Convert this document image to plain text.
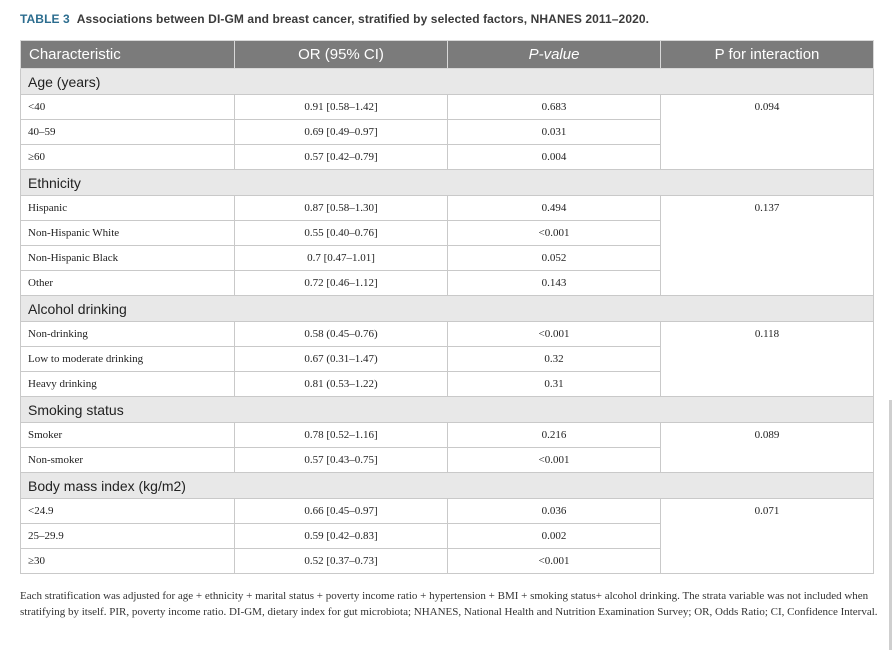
TABLE 3 Associations between DI-GM and breast cancer, stratified by selected factors, NHANES 2011–2020.
Characteristic	OR (95% CI)	P-value	P for interaction
Age (years)			
<40	0.91 [0.58–1.42]	0.683	0.094
40–59	0.69 [0.49–0.97]	0.031	
≥60	0.57 [0.42–0.79]	0.004	
Ethnicity			
Hispanic	0.87 [0.58–1.30]	0.494	0.137
Non-Hispanic White	0.55 [0.40–0.76]	<0.001	
Non-Hispanic Black	0.7 [0.47–1.01]	0.052	
Other	0.72 [0.46–1.12]	0.143	
Alcohol drinking			
Non-drinking	0.58 (0.45–0.76)	<0.001	0.118
Low to moderate drinking	0.67 (0.31–1.47)	0.32	
Heavy drinking	0.81 (0.53–1.22)	0.31	
Smoking status			
Smoker	0.78 [0.52–1.16]	0.216	0.089
Non-smoker	0.57 [0.43–0.75]	<0.001	
Body mass index (kg/m2)			
<24.9	0.66 [0.45–0.97]	0.036	0.071
25–29.9	0.59 [0.42–0.83]	0.002	
≥30	0.52 [0.37–0.73]	<0.001	
Each stratification was adjusted for age + ethnicity + marital status + poverty income ratio + hypertension + BMI + smoking status+ alcohol drinking. The strata variable was not included when stratifying by itself. PIR, poverty income ratio. DI-GM, dietary index for gut microbiota; NHANES, National Health and Nutrition Examination Survey; OR, Odds Ratio; CI, Confidence Interval.
